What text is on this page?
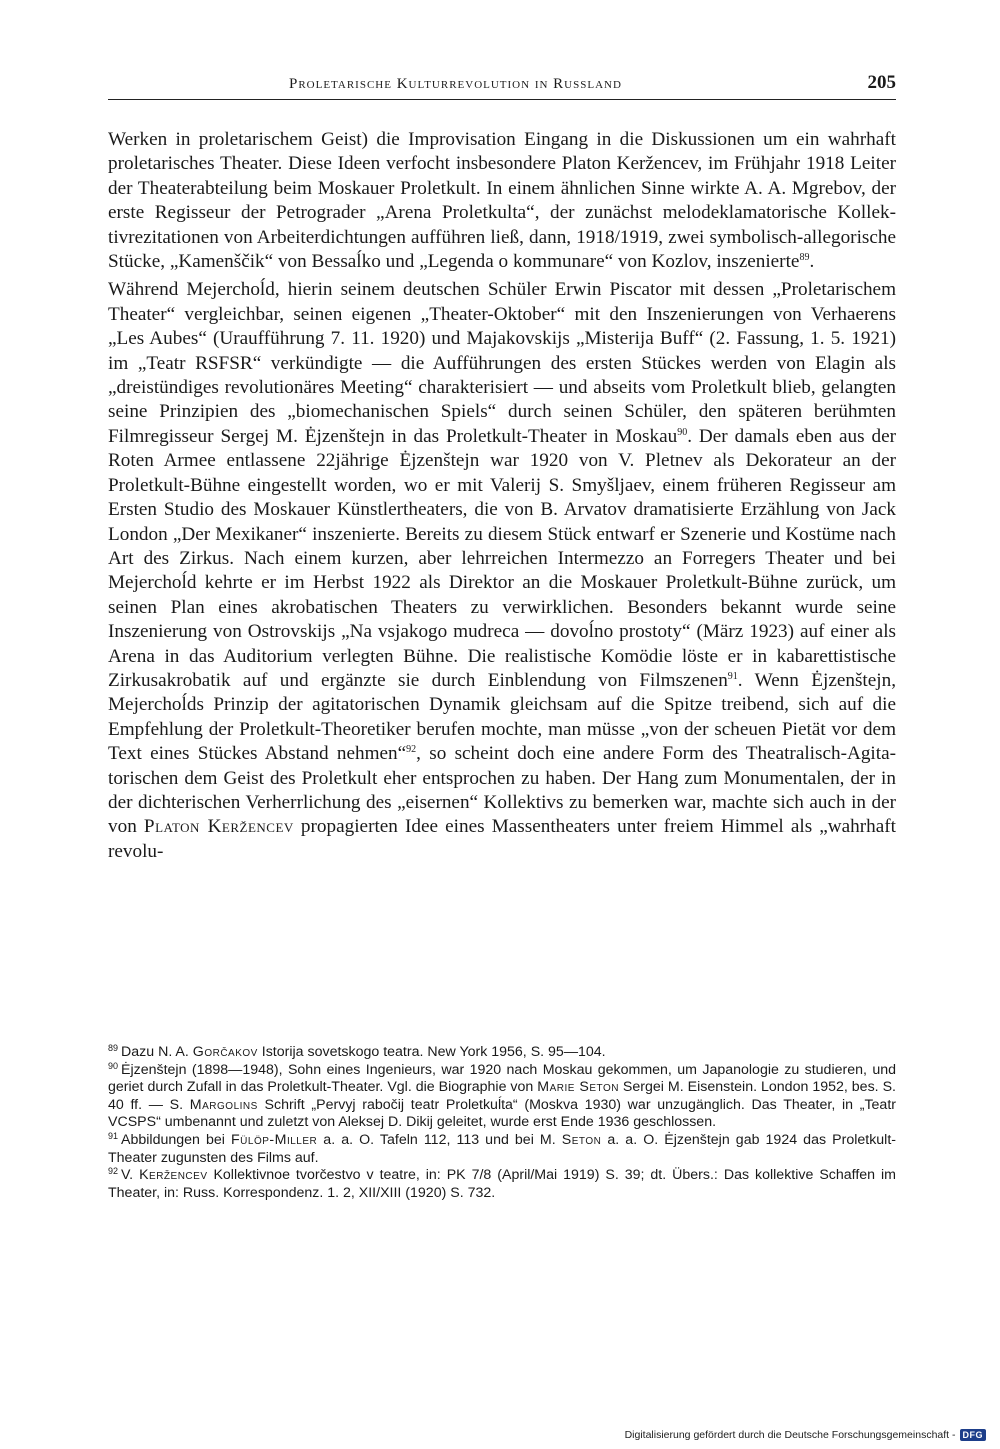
Proletarische Kulturrevolution in Russland	205

Werken in proletarischem Geist) die Improvisation Eingang in die Diskussionen um ein wahrhaft proletarisches Theater. Diese Ideen verfocht insbesondere Platon Keržencev, im Frühjahr 1918 Leiter der Theaterabteilung beim Moskauer Proletkult. In einem ähnlichen Sinne wirkte A. A. Mgrebov, der erste Regisseur der Petrograder „Arena Proletkulta“, der zunächst melodeklamatorische Kollektivrezitationen von Arbeiterdichtungen aufführen ließ, dann, 1918/1919, zwei symbolisch-allegorische Stücke, „Kamenščik“ von Bessaĺko und „Legenda o kommunare“ von Kozlov, inszenierte$^{89}$.

Während Mejerchoĺd, hierin seinem deutschen Schüler Erwin Piscator mit dessen „Proletarischem Theater“ vergleichbar, seinen eigenen „Theater-Oktober“ mit den Inszenierungen von Verhaerens „Les Aubes“ (Uraufführung 7. 11. 1920) und Majakovskijs „Misterija Buff“ (2. Fassung, 1. 5. 1921) im „Teatr RSFSR“ verkündigte — die Aufführungen des ersten Stückes werden von Elagin als „dreistündiges revolutionäres Meeting“ charakterisiert — und abseits vom Proletkult blieb, gelangten seine Prinzipien des „biomechanischen Spiels“ durch seinen Schüler, den späteren berühmten Filmregisseur Sergej M. Ėjzenštejn in das Proletkult-Theater in Moskau$^{90}$. Der damals eben aus der Roten Armee entlassene 22jährige Ėjzenštejn war 1920 von V. Pletnev als Dekorateur an der Proletkult-Bühne eingestellt worden, wo er mit Valerij S. Smyšljaev, einem früheren Regisseur am Ersten Studio des Moskauer Künstlertheaters, die von B. Arvatov dramatisierte Erzählung von Jack London „Der Mexikaner“ inszenierte. Bereits zu diesem Stück entwarf er Szenerie und Kostüme nach Art des Zirkus. Nach einem kurzen, aber lehrreichen Intermezzo an Forregers Theater und bei Mejerchoĺd kehrte er im Herbst 1922 als Direktor an die Moskauer Proletkult-Bühne zurück, um seinen Plan eines akrobatischen Theaters zu verwirklichen. Besonders bekannt wurde seine Inszenierung von Ostrovskijs „Na vsjakogo mudreca — dovoĺno prostoty“ (März 1923) auf einer als Arena in das Auditorium verlegten Bühne. Die realistische Komödie löste er in kabarettistische Zirkusakrobatik auf und ergänzte sie durch Einblendung von Filmszenen$^{91}$. Wenn Ėjzenštejn, Mejerchoĺds Prinzip der agitatorischen Dynamik gleichsam auf die Spitze treibend, sich auf die Empfehlung der Proletkult-Theoretiker berufen mochte, man müsse „von der scheuen Pietät vor dem Text eines Stückes Abstand nehmen“$^{92}$, so scheint doch eine andere Form des Theatralisch-Agitatorischen dem Geist des Proletkult eher entsprochen zu haben. Der Hang zum Monumentalen, der in der dichterischen Verherrlichung des „eisernen“ Kollektivs zu bemerken war, machte sich auch in der von Platon Keržencev propagierten Idee eines Massentheaters unter freiem Himmel als „wahrhaft revolu-

$^{89}$ Dazu N. A. Gorčakov Istorija sovetskogo teatra. New York 1956, S. 95—104.

$^{90}$ Ėjzenštejn (1898—1948), Sohn eines Ingenieurs, war 1920 nach Moskau gekommen, um Japanologie zu studieren, und geriet durch Zufall in das Proletkult-Theater. Vgl. die Biographie von Marie Seton Sergei M. Eisenstein. London 1952, bes. S. 40 ff. — S. Margolins Schrift „Pervyj rabočij teatr Proletkuĺta“ (Moskva 1930) war unzugänglich. Das Theater, in „Teatr VCSPS“ umbenannt und zuletzt von Aleksej D. Dikij geleitet, wurde erst Ende 1936 geschlossen.

$^{91}$ Abbildungen bei Fülöp-Miller a. a. O. Tafeln 112, 113 und bei M. Seton a. a. O. Ėjzenštejn gab 1924 das Proletkult-Theater zugunsten des Films auf.

$^{92}$ V. Keržencev Kollektivnoe tvorčestvo v teatre, in: PK 7/8 (April/Mai 1919) S. 39; dt. Übers.: Das kollektive Schaffen im Theater, in: Russ. Korrespondenz. 1. 2, XII/XIII (1920) S. 732.

Digitalisierung gefördert durch die Deutsche Forschungsgemeinschaft - DFG
